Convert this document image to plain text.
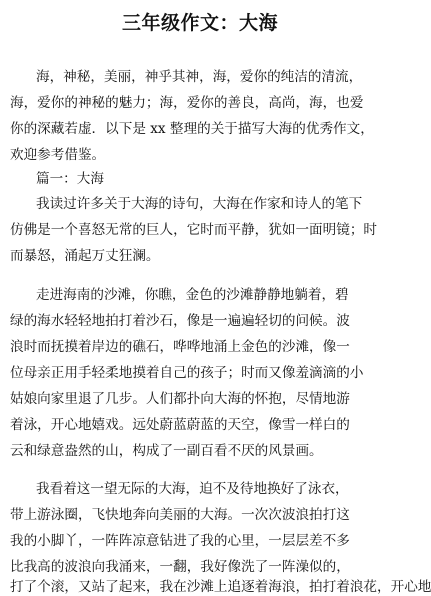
三年级作文：大海
海，神秘，美丽，神乎其神，海，爱你的纯洁的清流，
海，爱你的神秘的魅力；海，爱你的善良，高尚，海，也爱
你的深藏若虚．以下是 xx 整理的关于描写大海的优秀作文，
欢迎参考借鉴。
篇一：大海
我读过许多关于大海的诗句，大海在作家和诗人的笔下
仿佛是一个喜怒无常的巨人，它时而平静，犹如一面明镜；时
而暴怒，涌起万丈狂澜。
走进海南的沙滩，你瞧，金色的沙滩静静地躺着，碧
绿的海水轻轻地拍打着沙石，像是一遍遍轻切的问候。波
浪时而抚摸着岸边的礁石，哗哗地涌上金色的沙滩，像一
位母亲正用手轻柔地摸着自己的孩子；时而又像羞滴滴的小
姑娘向家里退了几步。人们都扑向大海的怀抱，尽情地游
着泳，开心地嬉戏。远处蔚蓝蔚蓝的天空，像雪一样白的
云和绿意盎然的山，构成了一副百看不厌的风景画。
我看着这一望无际的大海，迫不及待地换好了泳衣，
带上游泳圈，飞快地奔向美丽的大海。一次次波浪拍打这
我的小脚丫，一阵阵凉意钻进了我的心里，一层层差不多
比我高的波浪向我涌来，一翻，我好像洗了一阵澡似的，
打了个滚，又站了起来，我在沙滩上追逐着海浪，拍打着浪花，开心地
